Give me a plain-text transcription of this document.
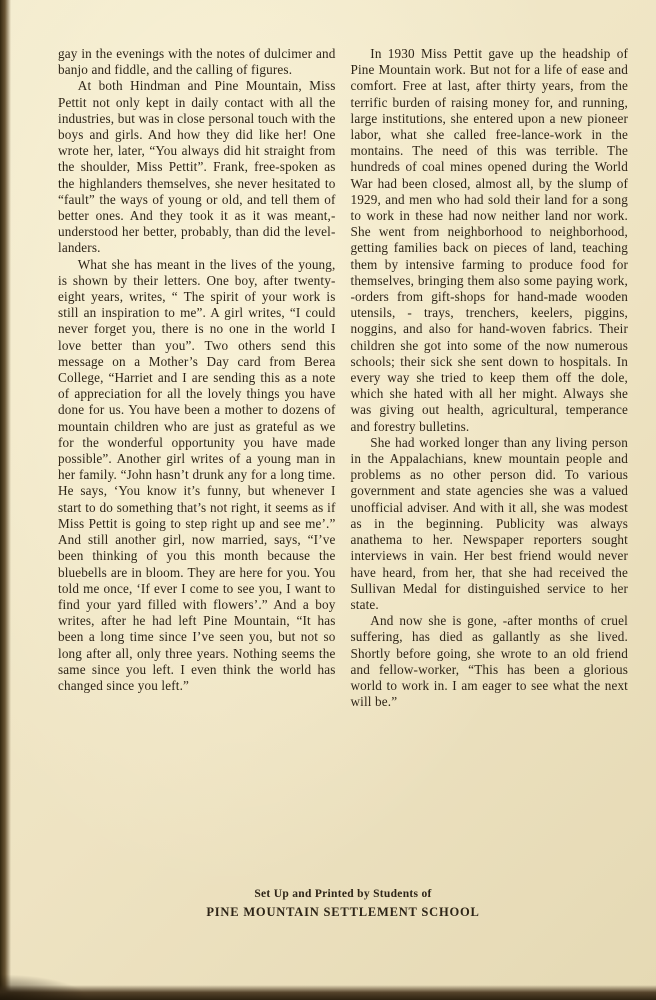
gay in the evenings with the notes of dulcimer and banjo and fiddle, and the calling of figures.

At both Hindman and Pine Mountain, Miss Pettit not only kept in daily contact with all the industries, but was in close personal touch with the boys and girls. And how they did like her! One wrote her, later, “You always did hit straight from the shoulder, Miss Pettit”. Frank, free-spoken as the highlanders themselves, she never hesitated to “fault” the ways of young or old, and tell them of better ones. And they took it as it was meant,- understood her better, probably, than did the level-landers.

What she has meant in the lives of the young, is shown by their letters. One boy, after twenty-eight years, writes, “ The spirit of your work is still an inspiration to me”. A girl writes, “I could never forget you, there is no one in the world I love better than you”. Two others send this message on a Mother’s Day card from Berea College, “Harriet and I are sending this as a note of appreciation for all the lovely things you have done for us. You have been a mother to dozens of mountain children who are just as grateful as we for the wonderful opportunity you have made possible”. Another girl writes of a young man in her family. “John hasn’t drunk any for a long time. He says, ‘You know it’s funny, but whenever I start to do something that’s not right, it seems as if Miss Pettit is going to step right up and see me’.” And still another girl, now married, says, “I’ve been thinking of you this month because the bluebells are in bloom. They are here for you. You told me once, ‘If ever I come to see you, I want to find your yard filled with flowers’.” And a boy writes, after he had left Pine Mountain, “It has been a long time since I’ve seen you, but not so long after all, only three years. Nothing seems the same since you left. I even think the world has changed since you left.”

In 1930 Miss Pettit gave up the headship of Pine Mountain work. But not for a life of ease and comfort. Free at last, after thirty years, from the terrific burden of raising money for, and running, large institutions, she entered upon a new pioneer labor, what she called free-lance-work in the montains. The need of this was terrible. The hundreds of coal mines opened during the World War had been closed, almost all, by the slump of 1929, and men who had sold their land for a song to work in these had now neither land nor work. She went from neighborhood to neighborhood, getting families back on pieces of land, teaching them by intensive farming to produce food for themselves, bringing them also some paying work, -orders from gift-shops for hand-made wooden utensils, - trays, trenchers, keelers, piggins, noggins, and also for hand-woven fabrics. Their children she got into some of the now numerous schools; their sick she sent down to hospitals. In every way she tried to keep them off the dole, which she hated with all her might. Always she was giving out health, agricultural, temperance and forestry bulletins.

She had worked longer than any living person in the Appalachians, knew mountain people and problems as no other person did. To various government and state agencies she was a valued unofficial adviser. And with it all, she was modest as in the beginning. Publicity was always anathema to her. Newspaper reporters sought interviews in vain. Her best friend would never have heard, from her, that she had received the Sullivan Medal for distinguished service to her state.

And now she is gone, -after months of cruel suffering, has died as gallantly as she lived. Shortly before going, she wrote to an old friend and fellow-worker, “This has been a glorious world to work in. I am eager to see what the next will be.”

Set Up and Printed by Students of
PINE MOUNTAIN SETTLEMENT SCHOOL
